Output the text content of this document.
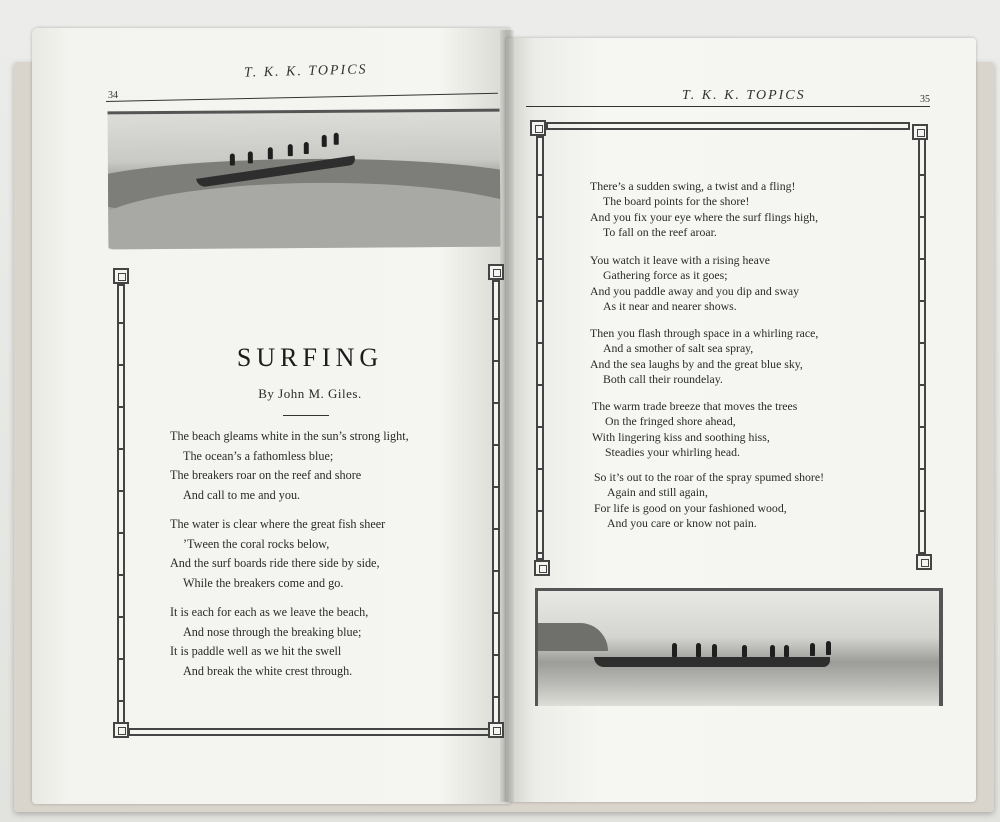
34
T. K. K. TOPICS
SURFING
By John M. Giles.
The beach gleams white in the sun’s strong light,
The ocean’s a fathomless blue;
The breakers roar on the reef and shore
And call to me and you.
The water is clear where the great fish sheer
’Tween the coral rocks below,
And the surf boards ride there side by side,
While the breakers come and go.
It is each for each as we leave the beach,
And nose through the breaking blue;
It is paddle well as we hit the swell
And break the white crest through.
T. K. K. TOPICS	35
There’s a sudden swing, a twist and a fling!
The board points for the shore!
And you fix your eye where the surf flings high,
To fall on the reef aroar.
You watch it leave with a rising heave
Gathering force as it goes;
And you paddle away and you dip and sway
As it near and nearer shows.
Then you flash through space in a whirling race,
And a smother of salt sea spray,
And the sea laughs by and the great blue sky,
Both call their roundelay.
The warm trade breeze that moves the trees
On the fringed shore ahead,
With lingering kiss and soothing hiss,
Steadies your whirling head.
So it’s out to the roar of the spray spumed shore!
Again and still again,
For life is good on your fashioned wood,
And you care or know not pain.
